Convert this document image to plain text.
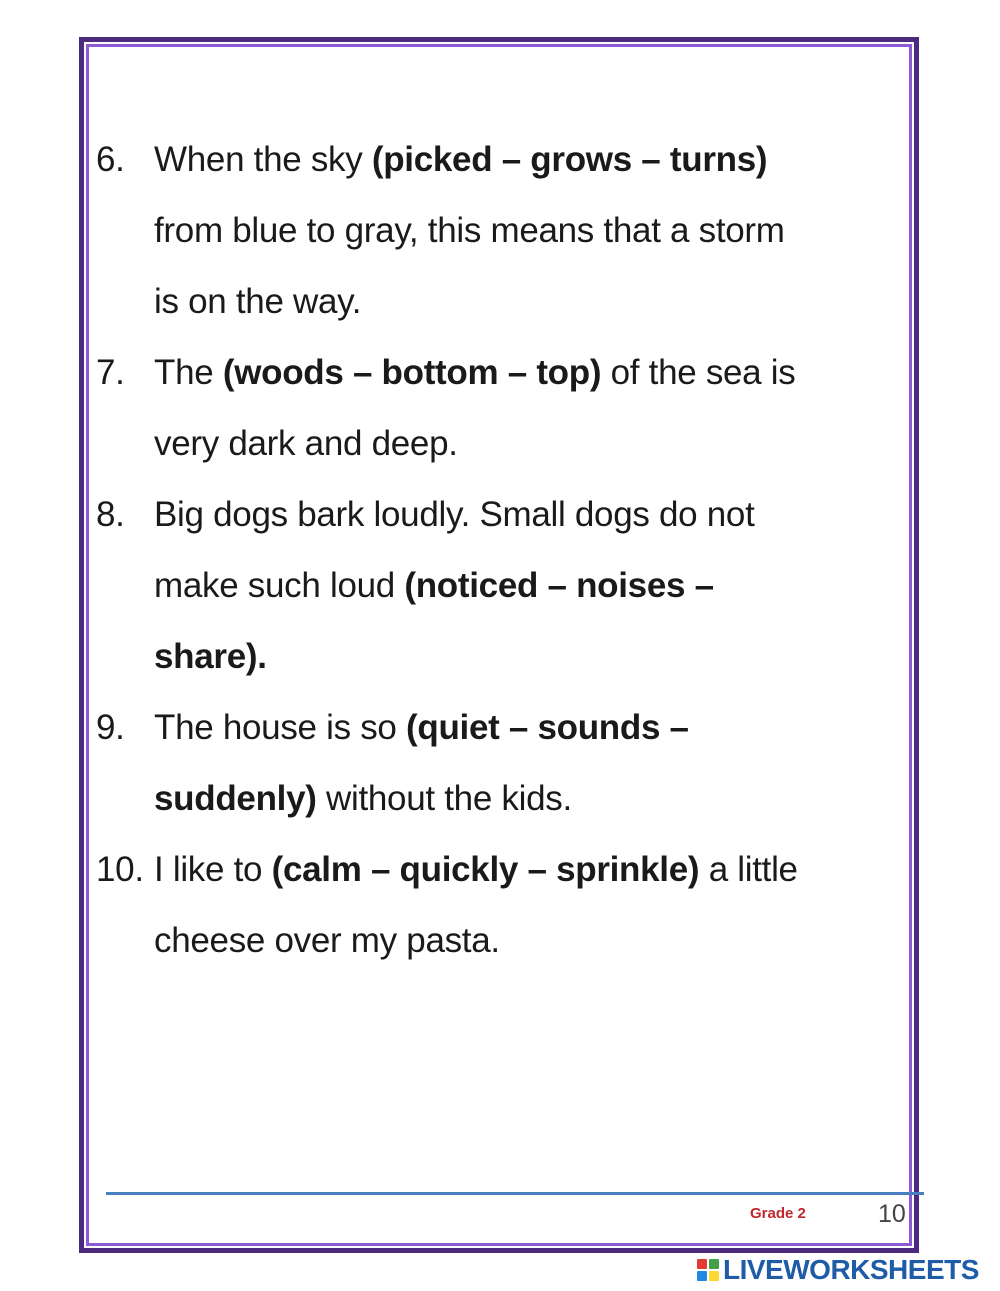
6. When the sky (picked – grows – turns)
from blue to gray, this means that a storm
is on the way.
7. The (woods – bottom – top) of the sea is
very dark and deep.
8. Big dogs bark loudly. Small dogs do not
make such loud (noticed – noises –
share).
9. The house is so (quiet – sounds –
suddenly) without the kids.
10. I like to (calm – quickly – sprinkle) a little
cheese over my pasta.
Grade 2	10
LIVEWORKSHEETS
